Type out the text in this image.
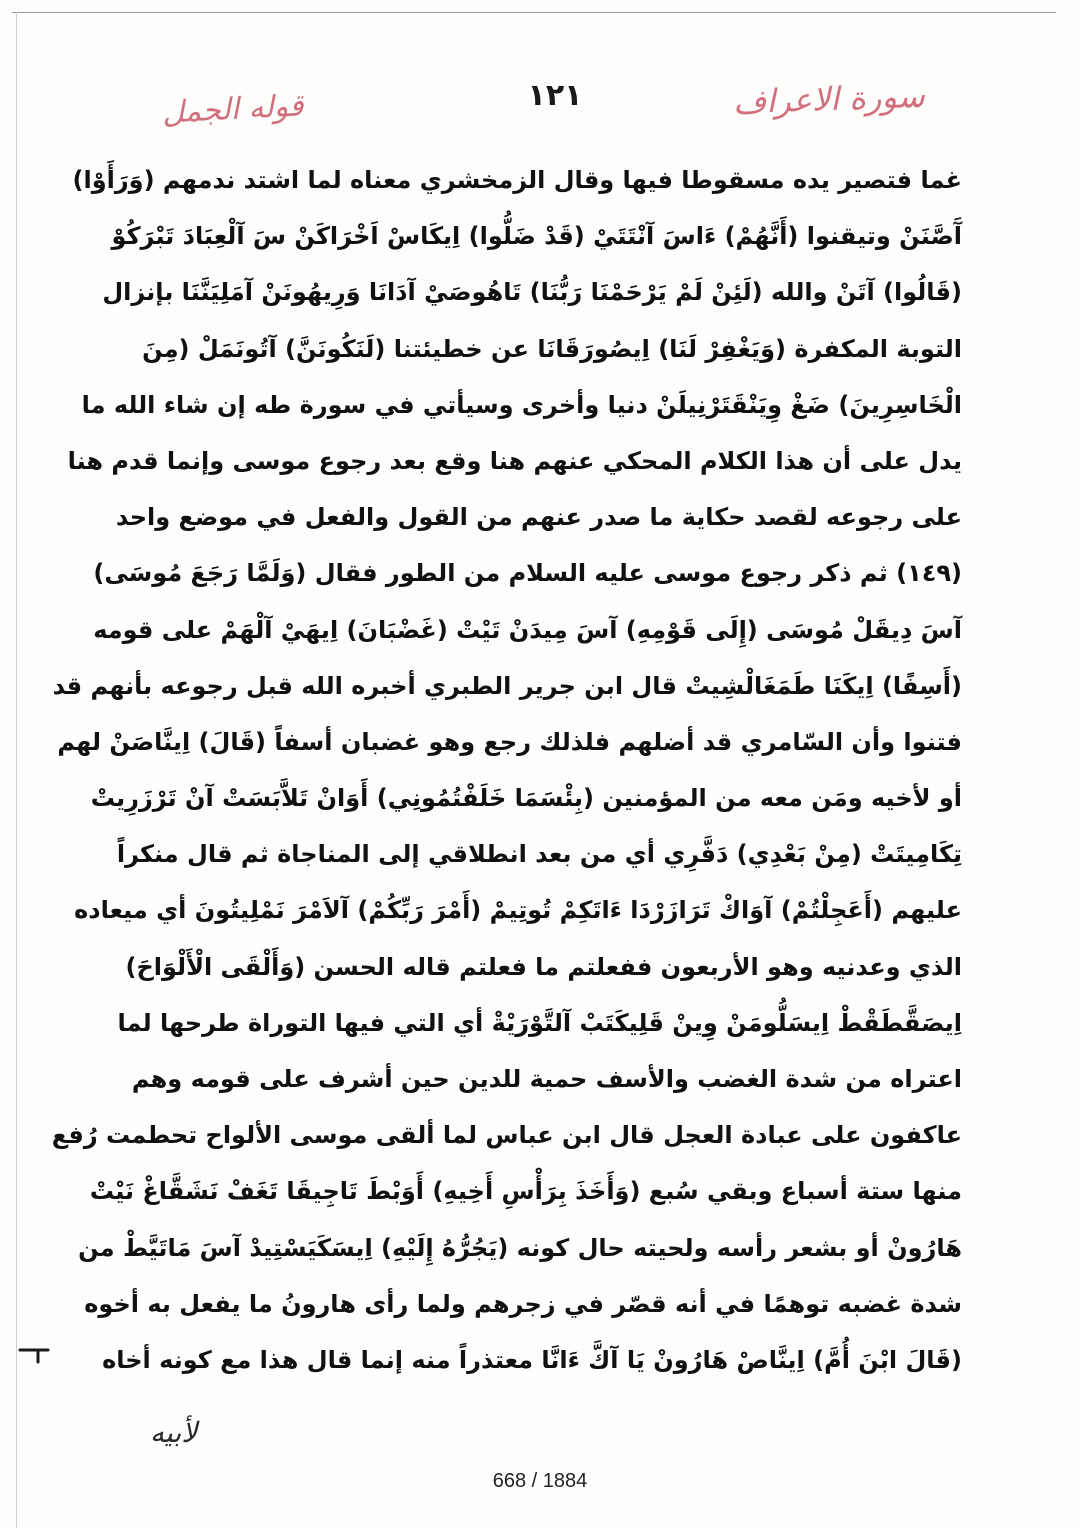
سورة الاعراف
١٢١
قوله الجمل
غما فتصير يده مسقوطا فيها وقال الزمخشري معناه لما اشتد ندمهم (وَرَأَوْا)
آَصَّنَنْ وتيقنوا (أَنَّهُمْ) ءَاسَ آنْتَتَيْ (قَدْ ضَلُّوا) اِيكَاسْ اَخْرَاكَنْ سَ آلْعِبَادَ تَبْرَكُوْ
(قَالُوا) آتَنْ والله (لَئِنْ لَمْ يَرْحَمْنَا رَبُّنَا) تَاهُوصَيْ آدَانَا وَرِيهُونَنْ آمَلِيَنَّنَا بإنزال
التوبة المكفرة (وَيَغْفِرْ لَنَا) اِيصُورَقَانَا عن خطيئتنا (لَنَكُونَنَّ) آتُونَمَلْ (مِنَ
الْخَاسِرِينَ) ضَغْ وِيَنْقَتَرْنِيلَنْ دنيا وأخرى وسيأتي في سورة طه إن شاء الله ما
يدل على أن هذا الكلام المحكي عنهم هنا وقع بعد رجوع موسى وإنما قدم هنا
على رجوعه لقصد حكاية ما صدر عنهم من القول والفعل في موضع واحد
(١٤٩) ثم ذكر رجوع موسى عليه السلام من الطور فقال (وَلَمَّا رَجَعَ مُوسَى)
آسَ دِيقَلْ مُوسَى (إِلَى قَوْمِهِ) آسَ مِيدَنْ تَيْتْ (غَضْبَانَ) اِيهَيْ آلْهَمْ على قومه
(أَسِفًا) اِيكَنَا طَمَغَالْشِيتْ قال ابن جرير الطبري أخبره الله قبل رجوعه بأنهم قد
فتنوا وأن السّامري قد أضلهم فلذلك رجع وهو غضبان أسفاً (قَالَ) اِينَّاصَنْ لهم
أو لأخيه ومَن معه من المؤمنين (بِئْسَمَا خَلَفْتُمُونِي) أَوَانْ تَلاَّبَسَتْ آنْ تَرْزَرِيتْ
تِكَامِيتَتْ (مِنْ بَعْدِي) دَفَّرِي أي من بعد انطلاقي إلى المناجاة ثم قال منكراً
عليهم (أَعَجِلْتُمْ) آوَاكْ تَرَازَرْدَا ءَاتَكِمْ تُوتِيمْ (أَمْرَ رَبِّكُمْ) آلاَمْرَ نَمْلِيتُونَ أي ميعاده
الذي وعدنيه وهو الأربعون ففعلتم ما فعلتم قاله الحسن (وَأَلْقَى الْأَلْوَاحَ)
اِيصَقَّطَقْطْ اِيسَلُّومَنْ وِينْ قَلِيكَتَبْ آلتَّوْرَيْةْ أي التي فيها التوراة طرحها لما
اعتراه من شدة الغضب والأسف حمية للدين حين أشرف على قومه وهم
عاكفون على عبادة العجل قال ابن عباس لما ألقى موسى الألواح تحطمت رُفع
منها ستة أسباع وبقي سُبع (وَأَخَذَ بِرَأْسِ أَخِيهِ) أَوَبْطَ تَاجِيقَا تَغَفْ نَشَقَّاغْ نَيْتْ
هَارُونْ أو بشعر رأسه ولحيته حال كونه (يَجُرُّهُ إِلَيْهِ) اِيسَكَيَسْتِيدْ آسَ مَاتَيَّطْ من
شدة غضبه توهمًا في أنه قصّر في زجرهم ولما رأى هارونُ ما يفعل به أخوه
(قَالَ ابْنَ أُمَّ) اِينَّاصْ هَارُونْ يَا آكَّ ءَانَّا معتذراً منه إنما قال هذا مع كونه أخاه
لأبيه
668 / 1884
